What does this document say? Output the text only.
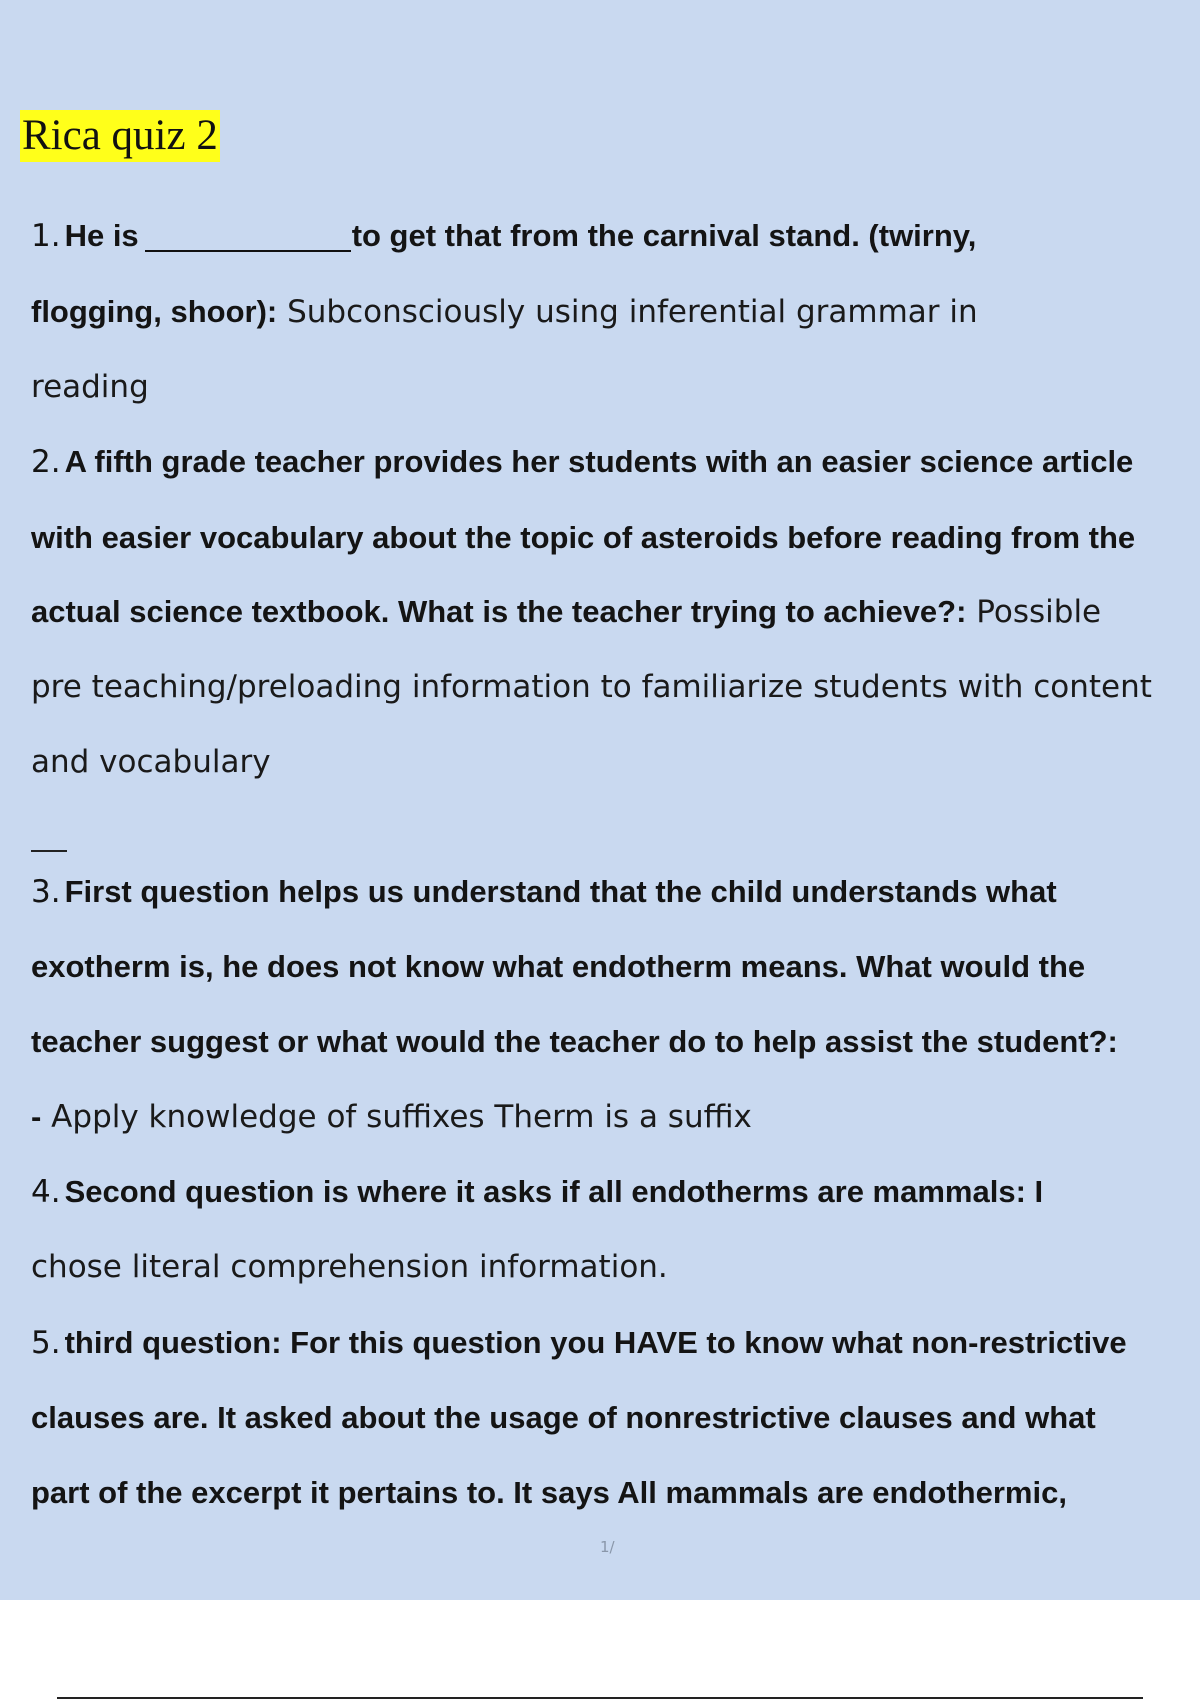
Rica quiz 2
1. He is	to get that from the carnival stand. (twirny,
flogging, shoor): Subconsciously using inferential grammar in
reading
2. A fifth grade teacher provides her students with an easier science article
with easier vocabulary about the topic of asteroids before reading from the
actual science textbook. What is the teacher trying to achieve?: Possible
pre teaching/preloading information to familiarize students with content
and vocabulary
3. First question helps us understand that the child understands what
exotherm is, he does not know what endotherm means. What would the
teacher suggest or what would the teacher do to help assist the student?:
- Apply knowledge of suffixes Therm is a suffix
4. Second question is where it asks if all endotherms are mammals: I
chose literal comprehension information.
5. third question: For this question you HAVE to know what non-restrictive
clauses are. It asked about the usage of nonrestrictive clauses and what
part of the excerpt it pertains to. It says All mammals are endothermic,
1/
